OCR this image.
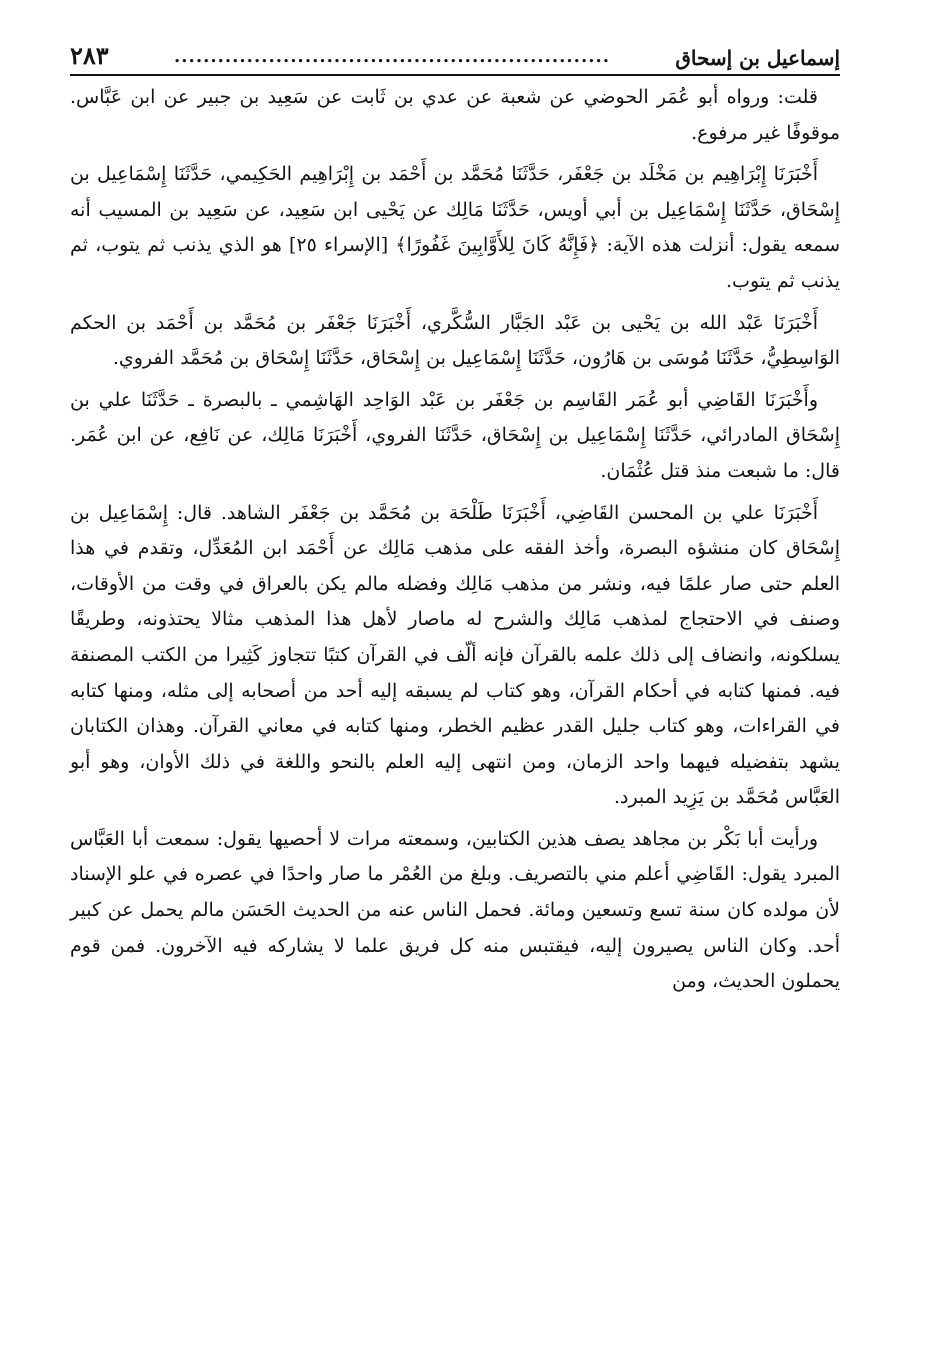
إسماعيل بن إسحاق
............................................................
٢٨٣

قلت: ورواه أبو عُمَر الحوضي عن شعبة عن عدي بن ثَابت عن سَعِيد بن جبير عن ابن عَبَّاس. موقوفًا غير مرفوع.

أَخْبَرَنَا إِبْرَاهِيم بن مَخْلَد بن جَعْفَر، حَدَّثَنَا مُحَمَّد بن أَحْمَد بن إِبْرَاهِيم الحَكِيمي، حَدَّثَنَا إِسْمَاعِيل بن إِسْحَاق، حَدَّثَنَا إِسْمَاعِيل بن أبي أويس، حَدَّثَنَا مَالِك عن يَحْيى ابن سَعِيد، عن سَعِيد بن المسيب أنه سمعه يقول: أنزلت هذه الآية: ﴿فَإِنَّهُ كَانَ لِلأَوَّابِينَ غَفُورًا﴾ [الإسراء ٢٥] هو الذي يذنب ثم يتوب، ثم يذنب ثم يتوب.

أَخْبَرَنَا عَبْد الله بن يَحْيى بن عَبْد الجَبَّار السُّكَّري، أَخْبَرَنَا جَعْفَر بن مُحَمَّد بن أَحْمَد بن الحكم الوَاسِطِيُّ، حَدَّثَنَا مُوسَى بن هَارُون، حَدَّثَنَا إِسْمَاعِيل بن إِسْحَاق، حَدَّثَنَا إِسْحَاق بن مُحَمَّد الفروي.

وأَخْبَرَنَا القَاضِي أبو عُمَر القَاسِم بن جَعْفَر بن عَبْد الوَاحِد الهَاشِمي ـ بالبصرة ـ حَدَّثَنَا علي بن إِسْحَاق المادرائي، حَدَّثَنَا إِسْمَاعِيل بن إِسْحَاق، حَدَّثَنَا الفروي، أَخْبَرَنَا مَالِك، عن نَافِع، عن ابن عُمَر. قال: ما شبعت منذ قتل عُثْمَان.

أَخْبَرَنَا علي بن المحسن القَاضِي، أَخْبَرَنَا طَلْحَة بن مُحَمَّد بن جَعْفَر الشاهد. قال: إِسْمَاعِيل بن إِسْحَاق كان منشؤه البصرة، وأخذ الفقه على مذهب مَالِك عن أَحْمَد ابن المُعَدِّل، وتقدم في هذا العلم حتى صار علمًا فيه، ونشر من مذهب مَالِك وفضله مالم يكن بالعراق في وقت من الأوقات، وصنف في الاحتجاج لمذهب مَالِك والشرح له ماصار لأهل هذا المذهب مثالا يحتذونه، وطريقًا يسلكونه، وانضاف إلى ذلك علمه بالقرآن فإنه ألّف في القرآن كتبًا تتجاوز كَثِيرا من الكتب المصنفة فيه. فمنها كتابه في أحكام القرآن، وهو كتاب لم يسبقه إليه أحد من أصحابه إلى مثله، ومنها كتابه في القراءات، وهو كتاب جليل القدر عظيم الخطر، ومنها كتابه في معاني القرآن. وهذان الكتابان يشهد بتفضيله فيهما واحد الزمان، ومن انتهى إليه العلم بالنحو واللغة في ذلك الأوان، وهو أبو العَبَّاس مُحَمَّد بن يَزِيد المبرد.

ورأيت أبا بَكْر بن مجاهد يصف هذين الكتابين، وسمعته مرات لا أحصيها يقول: سمعت أبا العَبَّاس المبرد يقول: القَاضِي أعلم مني بالتصريف. وبلغ من العُمْر ما صار واحدًا في عصره في علو الإسناد لأن مولده كان سنة تسع وتسعين ومائة. فحمل الناس عنه من الحديث الحَسَن مالم يحمل عن كبير أحد. وكان الناس يصيرون إليه، فيقتبس منه كل فريق علما لا يشاركه فيه الآخرون. فمن قوم يحملون الحديث، ومن
